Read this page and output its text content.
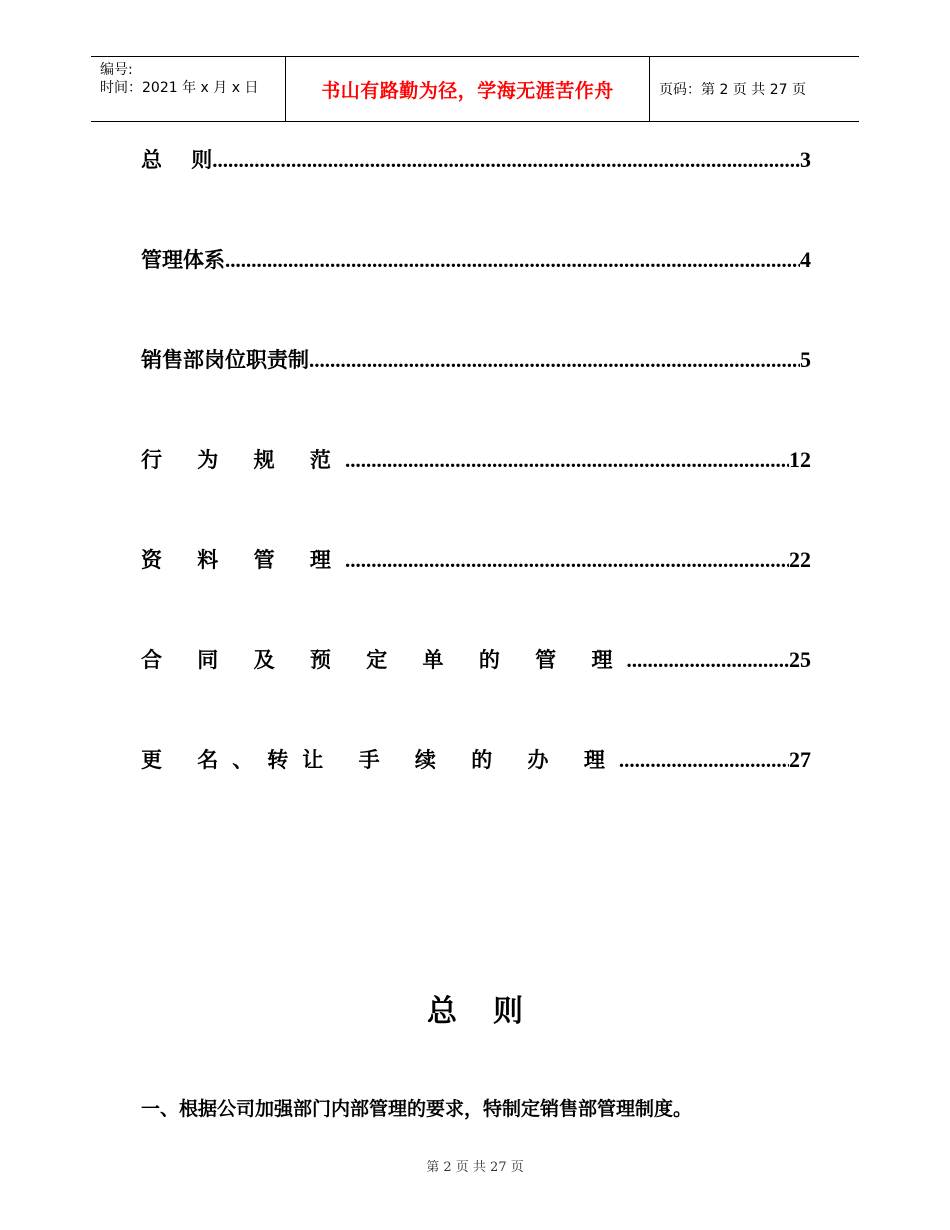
编号:
时间：2021 年 x 月 x 日	书山有路勤为径，学海无涯苦作舟	页码：第 2 页 共 27 页
总    则 .....	3
管理体系 .....	4
销售部岗位职责制 .....	5
行 为 规 范 .....	12
资 料 管 理 .....	22
合 同 及 预 定 单 的 管 理 .....	25
更 名、转让 手 续 的 办 理 .....	27
总则
一、根据公司加强部门内部管理的要求，特制定销售部管理制度。
第 2 页 共 27 页
